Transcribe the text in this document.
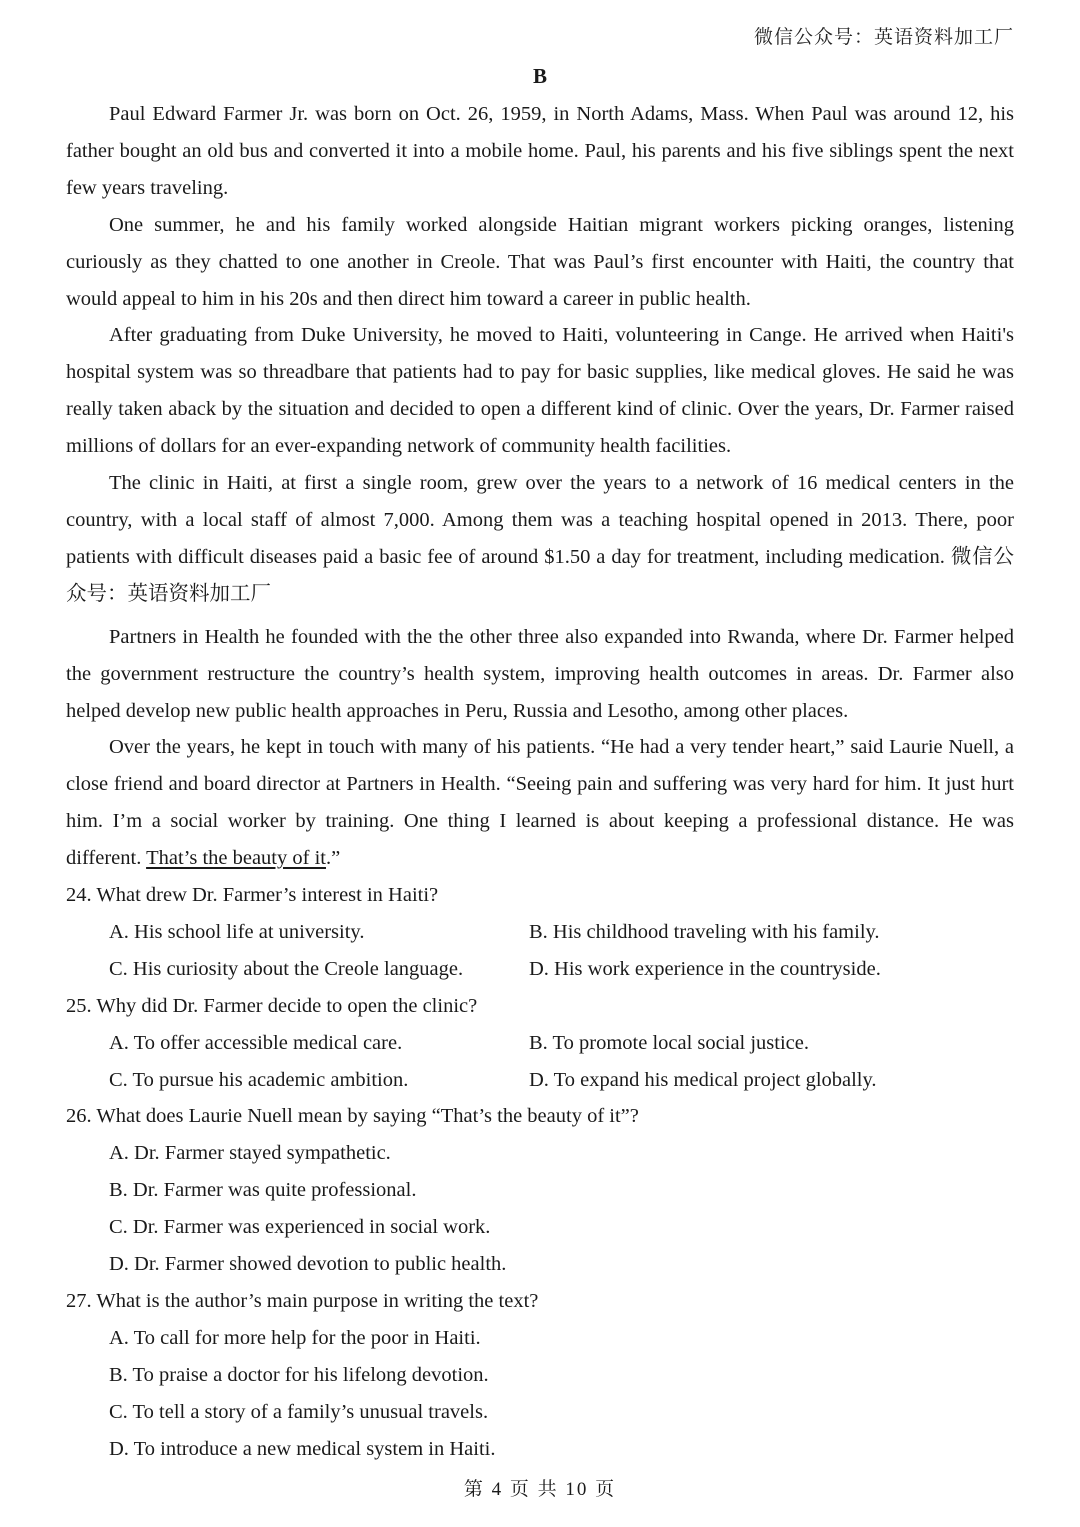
微信公众号：英语资料加工厂
B

Paul Edward Farmer Jr. was born on Oct. 26, 1959, in North Adams, Mass. When Paul was around 12, his father bought an old bus and converted it into a mobile home. Paul, his parents and his five siblings spent the next few years traveling.

One summer, he and his family worked alongside Haitian migrant workers picking oranges, listening curiously as they chatted to one another in Creole. That was Paul’s first encounter with Haiti, the country that would appeal to him in his 20s and then direct him toward a career in public health.

After graduating from Duke University, he moved to Haiti, volunteering in Cange. He arrived when Haiti's hospital system was so threadbare that patients had to pay for basic supplies, like medical gloves. He said he was really taken aback by the situation and decided to open a different kind of clinic. Over the years, Dr. Farmer raised millions of dollars for an ever-expanding network of community health facilities.

The clinic in Haiti, at first a single room, grew over the years to a network of 16 medical centers in the country, with a local staff of almost 7,000. Among them was a teaching hospital opened in 2013. There, poor patients with difficult diseases paid a basic fee of around $1.50 a day for treatment, including medication. 微信公众号：英语资料加工厂

Partners in Health he founded with the the other three also expanded into Rwanda, where Dr. Farmer helped the government restructure the country’s health system, improving health outcomes in areas. Dr. Farmer also helped develop new public health approaches in Peru, Russia and Lesotho, among other places.

Over the years, he kept in touch with many of his patients. “He had a very tender heart,” said Laurie Nuell, a close friend and board director at Partners in Health. “Seeing pain and suffering was very hard for him. It just hurt him. I’m a social worker by training. One thing I learned is about keeping a professional distance. He was different. That’s the beauty of it.”

24. What drew Dr. Farmer’s interest in Haiti?

A. His school life at university.	B. His childhood traveling with his family.

C. His curiosity about the Creole language.	D. His work experience in the countryside.

25. Why did Dr. Farmer decide to open the clinic?

A. To offer accessible medical care.	B. To promote local social justice.

C. To pursue his academic ambition.	D. To expand his medical project globally.

26. What does Laurie Nuell mean by saying “That’s the beauty of it”?

A. Dr. Farmer stayed sympathetic.

B. Dr. Farmer was quite professional.

C. Dr. Farmer was experienced in social work.

D. Dr. Farmer showed devotion to public health.

27. What is the author’s main purpose in writing the text?

A. To call for more help for the poor in Haiti.

B. To praise a doctor for his lifelong devotion.

C. To tell a story of a family’s unusual travels.

D. To introduce a new medical system in Haiti.

第 4 页 共 10 页
